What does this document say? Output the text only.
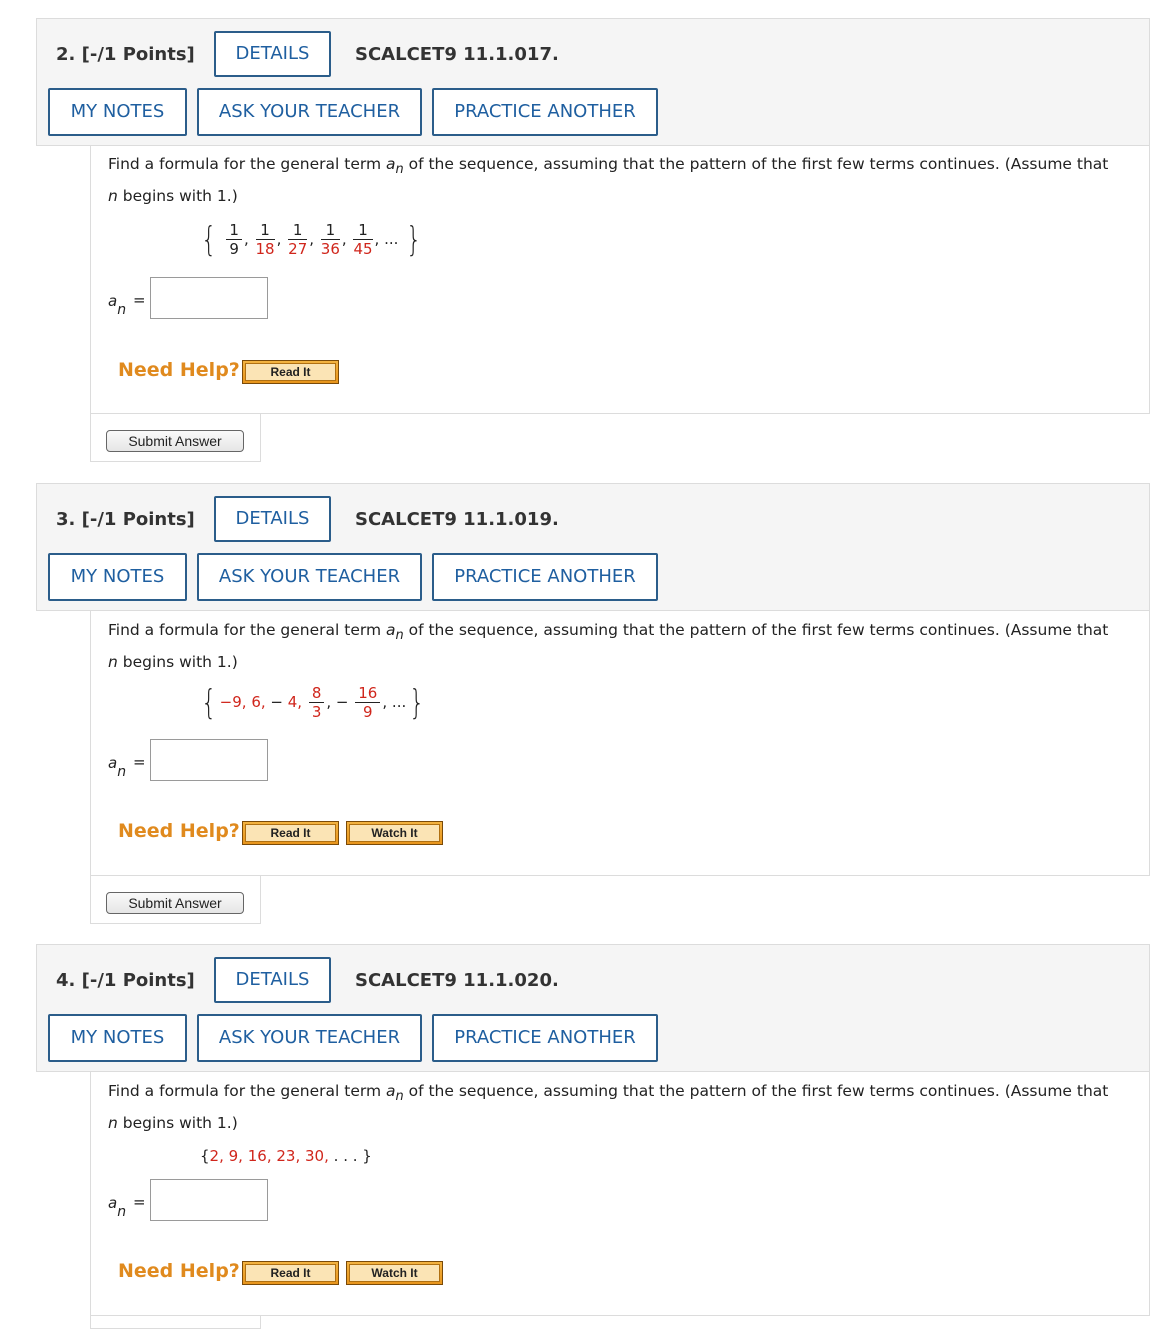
2. [-/1 Points]	DETAILS	SCALCET9 11.1.017.
MY NOTES	ASK YOUR TEACHER	PRACTICE ANOTHER
Find a formula for the general term $a_n$ of the sequence, assuming that the pattern of the first few terms continues. (Assume that
n begins with 1.)
{ $\frac{1}{9}$ , $\frac{1}{18}$ , $\frac{1}{27}$ , $\frac{1}{36}$ , $\frac{1}{45}$ , ... }
an
=
Need Help?	Read It
Submit Answer
3. [-/1 Points]	DETAILS	SCALCET9 11.1.019.
MY NOTES	ASK YOUR TEACHER	PRACTICE ANOTHER
Find a formula for the general term $a_n$ of the sequence, assuming that the pattern of the first few terms continues. (Assume that
n begins with 1.)
{ −9, 6, − 4, $\frac{8}{3}$ , − $\frac{16}{9}$ , ...}
an
=
Need Help?	Read It	Watch It
Submit Answer
4. [-/1 Points]	DETAILS	SCALCET9 11.1.020.
MY NOTES	ASK YOUR TEACHER	PRACTICE ANOTHER
Find a formula for the general term $a_n$ of the sequence, assuming that the pattern of the first few terms continues. (Assume that
n begins with 1.)
{2, 9, 16, 23, 30, . . . }
an
=
Need Help?	Read It	Watch It
